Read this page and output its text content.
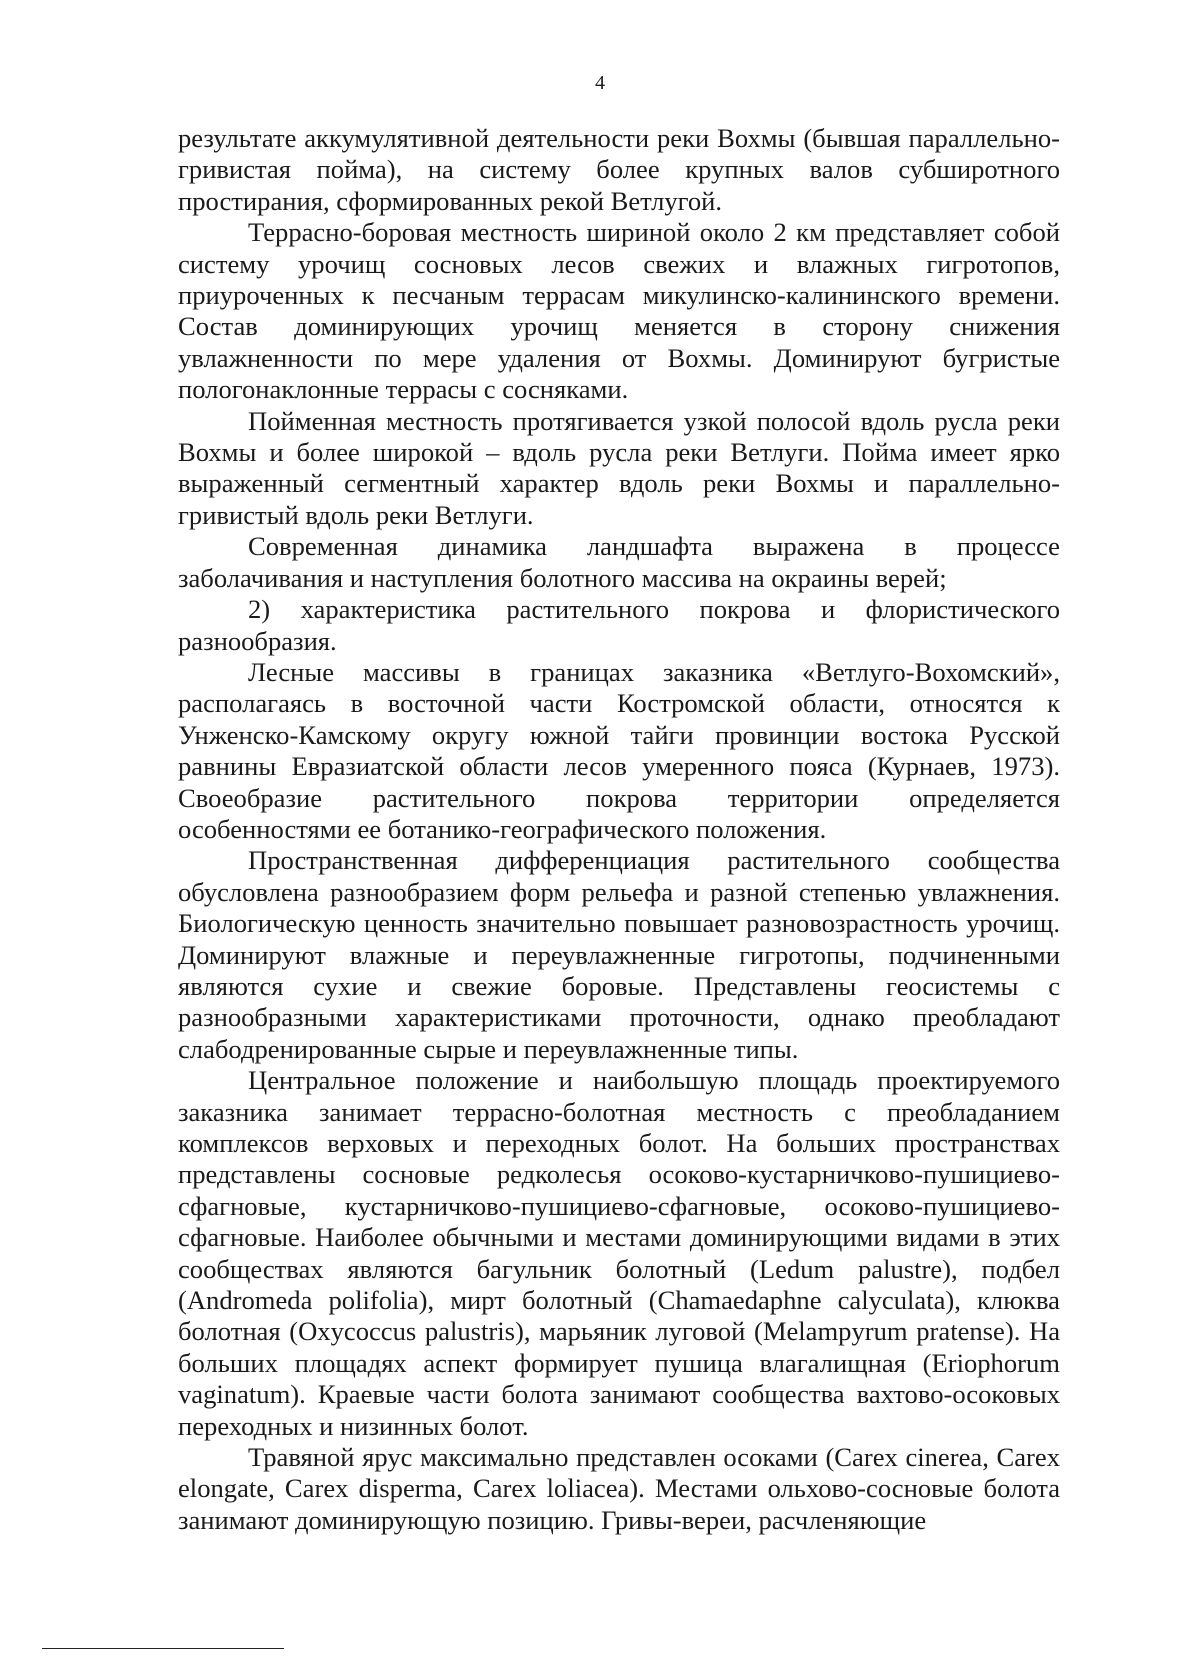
4

результате аккумулятивной деятельности реки Вохмы (бывшая параллельно-гривистая пойма), на систему более крупных валов субширотного простирания, сформированных рекой Ветлугой.

Террасно-боровая местность шириной около 2 км представляет собой систему урочищ сосновых лесов свежих и влажных гигротопов, приуроченных к песчаным террасам микулинско-калининского времени. Состав доминирующих урочищ меняется в сторону снижения увлажненности по мере удаления от Вохмы. Доминируют бугристые пологонаклонные террасы с сосняками.

Пойменная местность протягивается узкой полосой вдоль русла реки Вохмы и более широкой – вдоль русла реки Ветлуги. Пойма имеет ярко выраженный сегментный характер вдоль реки Вохмы и параллельно-гривистый вдоль реки Ветлуги.

Современная динамика ландшафта выражена в процессе заболачивания и наступления болотного массива на окраины верей;

2) характеристика растительного покрова и флористического разнообразия.

Лесные массивы в границах заказника «Ветлуго-Вохомский», располагаясь в восточной части Костромской области, относятся к Унженско-Камскому округу южной тайги провинции востока Русской равнины Евразиатской области лесов умеренного пояса (Курнаев, 1973). Своеобразие растительного покрова территории определяется особенностями ее ботанико-географического положения.

Пространственная дифференциация растительного сообщества обусловлена разнообразием форм рельефа и разной степенью увлажнения. Биологическую ценность значительно повышает разновозрастность урочищ. Доминируют влажные и переувлажненные гигротопы, подчиненными являются сухие и свежие боровые. Представлены геосистемы с разнообразными характеристиками проточности, однако преобладают слабодренированные сырые и переувлажненные типы.

Центральное положение и наибольшую площадь проектируемого заказника занимает террасно-болотная местность с преобладанием комплексов верховых и переходных болот. На больших пространствах представлены сосновые редколесья осоково-кустарничково-пушициево-сфагновые, кустарничково-пушициево-сфагновые, осоково-пушициево-сфагновые. Наиболее обычными и местами доминирующими видами в этих сообществах являются багульник болотный (Ledum palustre), подбел (Andromeda polifolia), мирт болотный (Chamaedaphne calyculata), клюква болотная (Oxycoccus palustris), марьяник луговой (Melampyrum pratense). На больших площадях аспект формирует пушица влагалищная (Eriophorum vaginatum). Краевые части болота занимают сообщества вахтово-осоковых переходных и низинных болот.

Травяной ярус максимально представлен осоками (Carex cinerea, Carex elongate, Carex disperma, Carex loliacea). Местами ольхово-сосновые болота занимают доминирующую позицию. Гривы-вереи, расчленяющие
